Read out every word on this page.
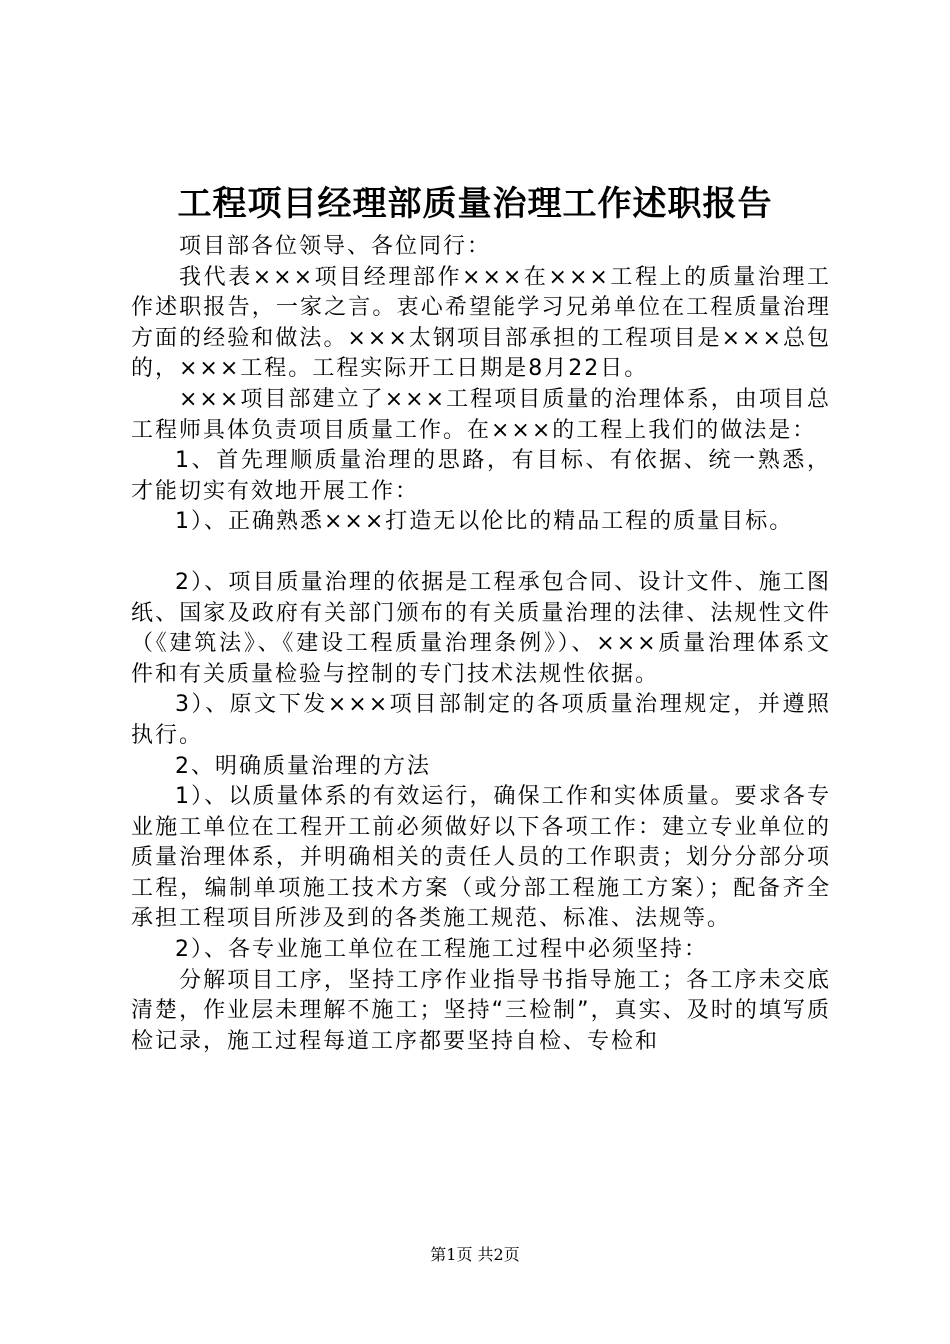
工程项目经理部质量治理工作述职报告

项目部各位领导、各位同行：

我代表×××项目经理部作×××在×××工程上的质量治理工作述职报告，一家之言。衷心希望能学习兄弟单位在工程质量治理方面的经验和做法。×××太钢项目部承担的工程项目是×××总包的，×××工程。工程实际开工日期是8月22日。

×××项目部建立了×××工程项目质量的治理体系，由项目总工程师具体负责项目质量工作。在×××的工程上我们的做法是：

1、首先理顺质量治理的思路，有目标、有依据、统一熟悉，才能切实有效地开展工作：

1）、正确熟悉×××打造无以伦比的精品工程的质量目标。

2）、项目质量治理的依据是工程承包合同、设计文件、施工图纸、国家及政府有关部门颁布的有关质量治理的法律、法规性文件（《建筑法》、《建设工程质量治理条例》）、×××质量治理体系文件和有关质量检验与控制的专门技术法规性依据。

3）、原文下发×××项目部制定的各项质量治理规定，并遵照执行。

2、明确质量治理的方法

1）、以质量体系的有效运行，确保工作和实体质量。要求各专业施工单位在工程开工前必须做好以下各项工作：建立专业单位的质量治理体系，并明确相关的责任人员的工作职责；划分分部分项工程，编制单项施工技术方案（或分部工程施工方案）；配备齐全承担工程项目所涉及到的各类施工规范、标准、法规等。

2）、各专业施工单位在工程施工过程中必须坚持：

分解项目工序，坚持工序作业指导书指导施工；各工序未交底清楚，作业层未理解不施工；坚持“三检制”，真实、及时的填写质检记录，施工过程每道工序都要坚持自检、专检和

第1页 共2页
